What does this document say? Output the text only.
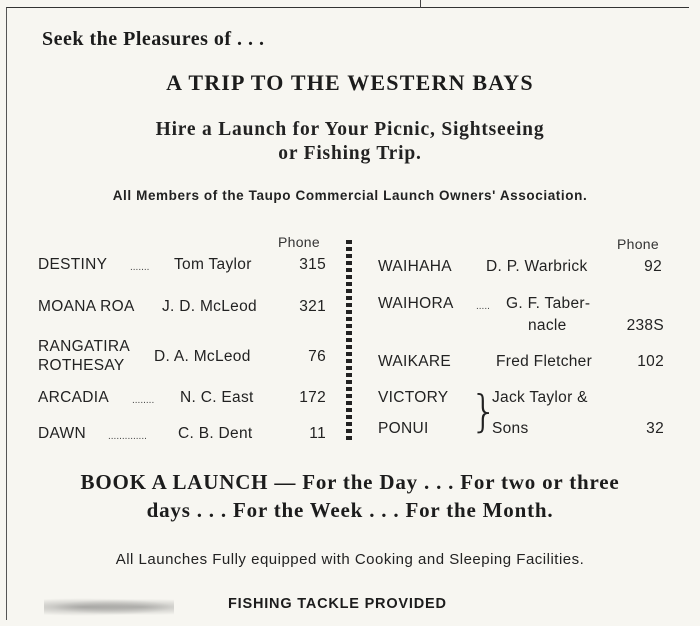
Seek the Pleasures of . . .
A TRIP TO THE WESTERN BAYS
Hire a Launch for Your Picnic, Sightseeing
or Fishing Trip.
All Members of the Taupo Commercial Launch Owners' Association.
Phone
DESTINY ....... Tom Taylor	315
MOANA ROA J. D. McLeod	321
RANGATIRA
ROTHESAY
D. A. McLeod	76
ARCADIA ........ N. C. East	172
DAWN .............. C. B. Dent	11
Phone
WAIHAHA D. P. Warbrick	92
WAIHORA ..... G. F. Taber-
nacle	238S
WAIKARE	Fred Fletcher	102
VICTORY
PONUI }
Jack Taylor &
Sons	32
BOOK A LAUNCH — For the Day . . . For two or three
days . . . For the Week . . . For the Month.
All Launches Fully equipped with Cooking and Sleeping Facilities.
FISHING TACKLE PROVIDED
